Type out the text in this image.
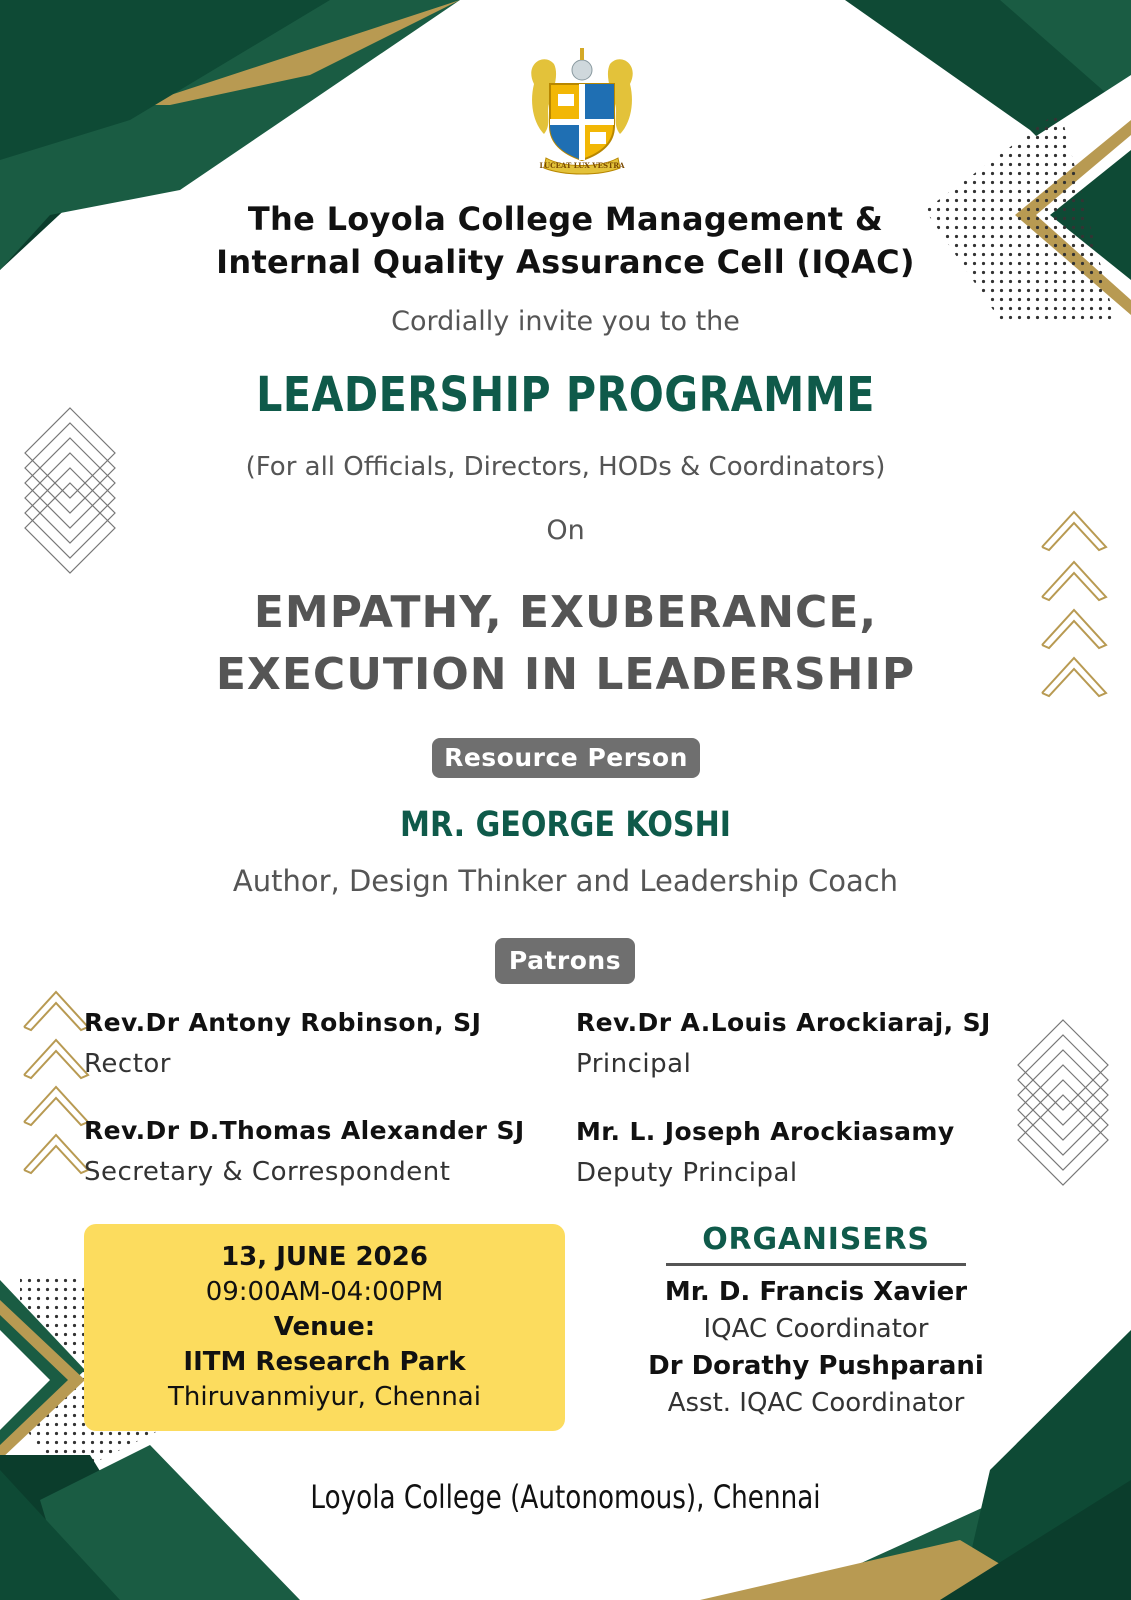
LUCEAT LUX VESTRA
The Loyola College Management &
Internal Quality Assurance Cell (IQAC)
Cordially invite you to the
LEADERSHIP PROGRAMME
(For all Officials, Directors, HODs & Coordinators)
On
EMPATHY, EXUBERANCE,
EXECUTION IN LEADERSHIP
Resource Person
MR. GEORGE KOSHI
Author, Design Thinker and Leadership Coach
Patrons
Rev.Dr Antony Robinson, SJ
Rector
Rev.Dr A.Louis Arockiaraj, SJ
Principal
Rev.Dr D.Thomas Alexander SJ
Secretary & Correspondent
Mr. L. Joseph Arockiasamy
Deputy Principal
13, JUNE 2026
09:00AM-04:00PM
Venue:
IITM Research Park
Thiruvanmiyur, Chennai
ORGANISERS
Mr. D. Francis Xavier
IQAC Coordinator
Dr Dorathy Pushparani
Asst. IQAC Coordinator
Loyola College (Autonomous), Chennai
